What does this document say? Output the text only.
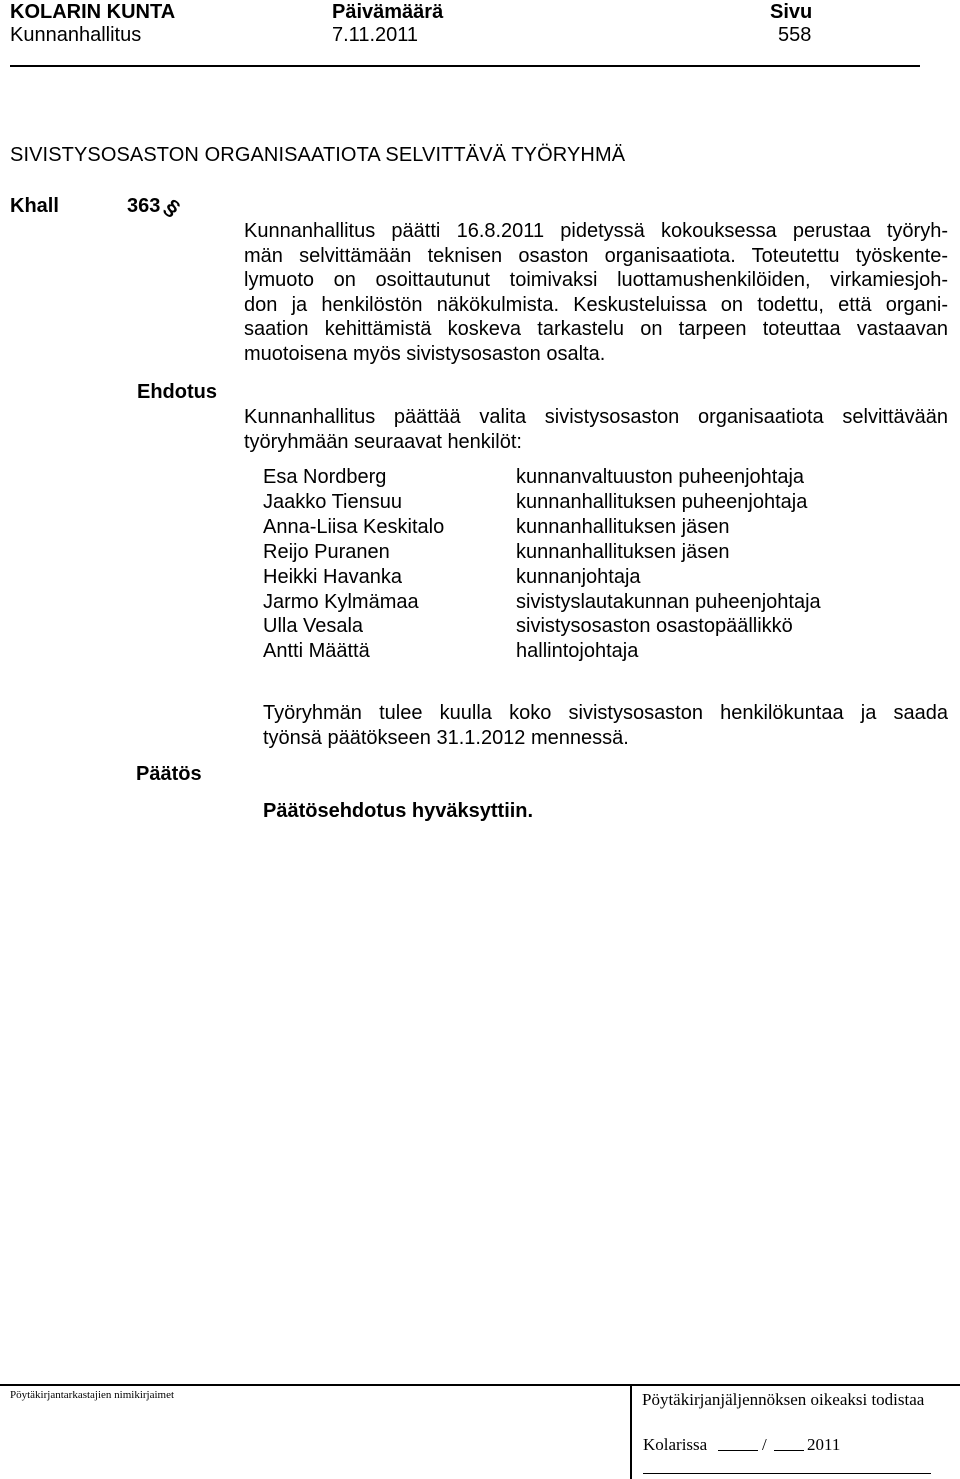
KOLARIN KUNTA
Kunnanhallitus
Päivämäärä
7.11.2011
Sivu
558
SIVISTYSOSASTON ORGANISAATIOTA SELVITTÄVÄ TYÖRYHMÄ
Khall	363 §
Kunnanhallitus päätti 16.8.2011 pidetyssä kokouksessa perustaa työryh-
män selvittämään teknisen osaston organisaatiota. Toteutettu työskente-
lymuoto on osoittautunut toimivaksi luottamushenkilöiden, virkamiesjoh-
don ja henkilöstön näkökulmista. Keskusteluissa on todettu, että organi-
saation kehittämistä koskeva tarkastelu on tarpeen toteuttaa vastaavan
muotoisena myös sivistysosaston osalta.
Ehdotus
Kunnanhallitus päättää valita sivistysosaston organisaatiota selvittävään
työryhmään seuraavat henkilöt:
Esa Nordberg	kunnanvaltuuston puheenjohtaja
Jaakko Tiensuu	kunnanhallituksen puheenjohtaja
Anna-Liisa Keskitalo	kunnanhallituksen jäsen
Reijo Puranen	kunnanhallituksen jäsen
Heikki Havanka	kunnanjohtaja
Jarmo Kylmämaa	sivistyslautakunnan puheenjohtaja
Ulla Vesala	sivistysosaston osastopäällikkö
Antti Määttä	hallintojohtaja
Työryhmän tulee kuulla koko sivistysosaston henkilökuntaa ja saada
työnsä päätökseen 31.1.2012 mennessä.
Päätös
Päätösehdotus hyväksyttiin.
Pöytäkirjantarkastajien nimikirjaimet	Pöytäkirjanjäljennöksen oikeaksi todistaa
Kolarissa	/ 2011
